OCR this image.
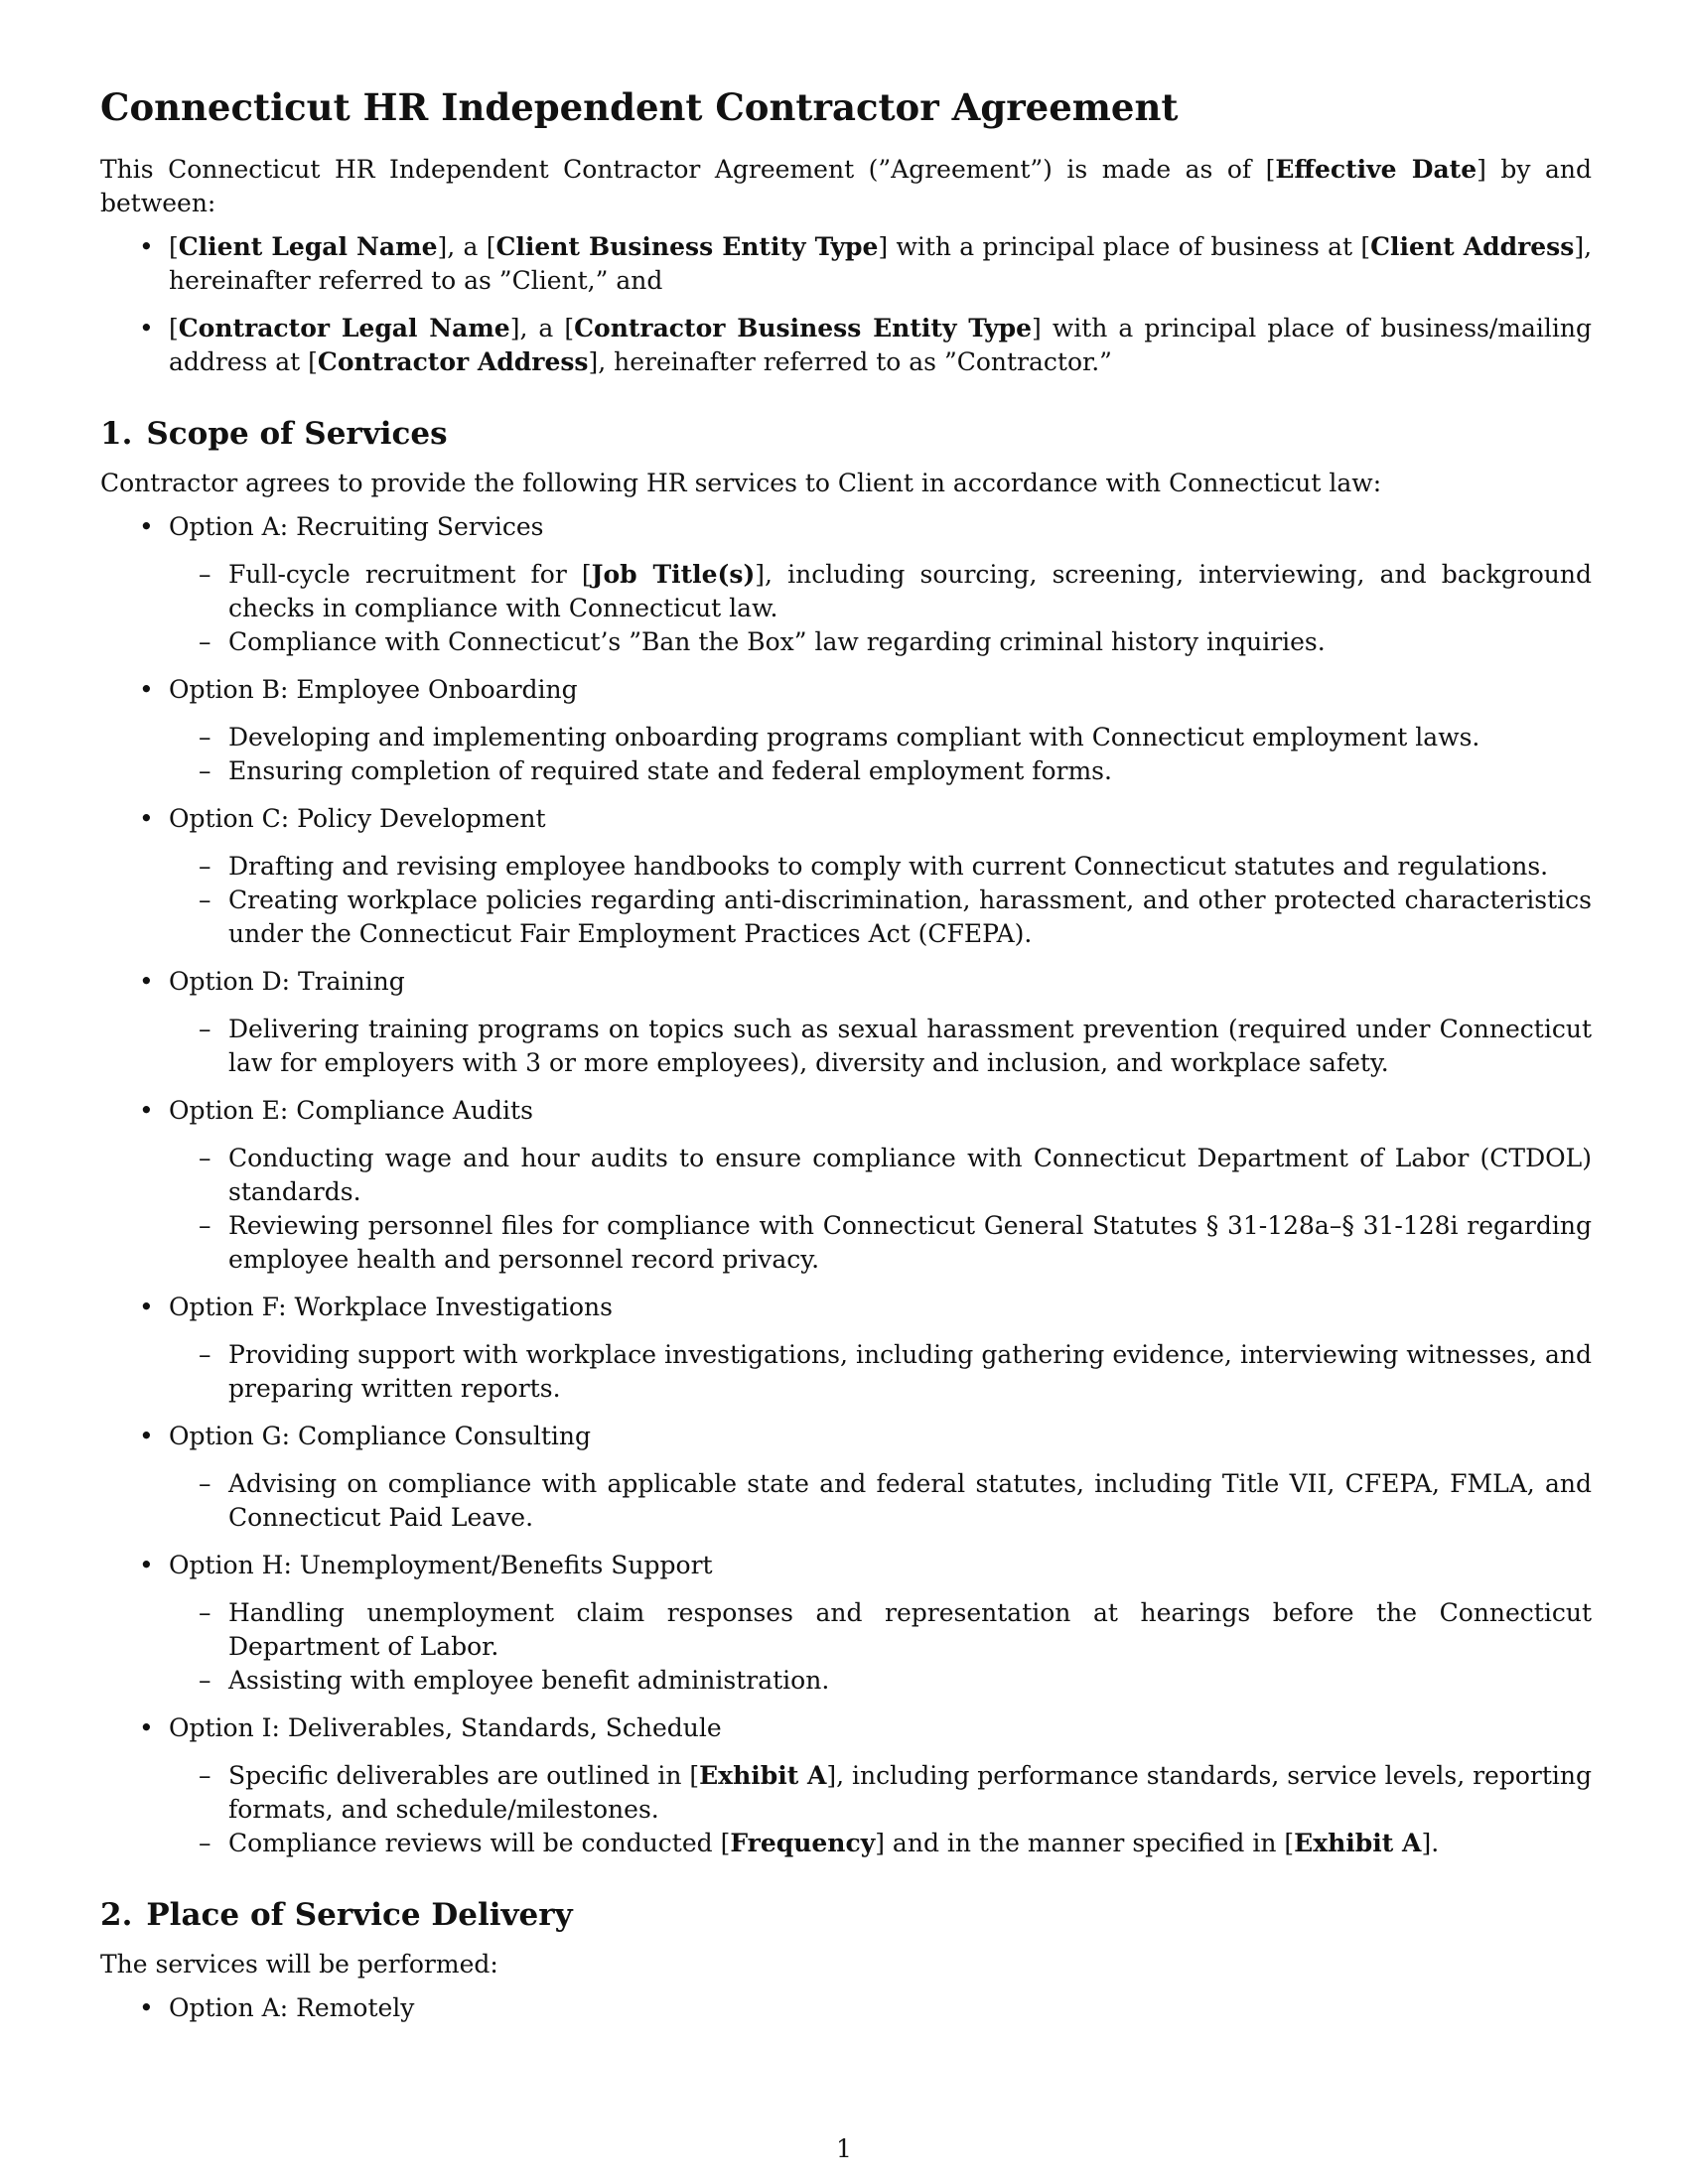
Connecticut HR Independent Contractor Agreement

This Connecticut HR Independent Contractor Agreement (”Agreement”) is made as of [Effective Date] by and between:

• [Client Legal Name], a [Client Business Entity Type] with a principal place of business at [Client Address], hereinafter referred to as ”Client,” and
• [Contractor Legal Name], a [Contractor Business Entity Type] with a principal place of business/mailing address at [Contractor Address], hereinafter referred to as ”Contractor.”
1. Scope of Services

Contractor agrees to provide the following HR services to Client in accordance with Connecticut law:

• Option A: Recruiting Services
– Full-cycle recruitment for [Job Title(s)], including sourcing, screening, interviewing, and background checks in compliance with Connecticut law.
– Compliance with Connecticut’s ”Ban the Box” law regarding criminal history inquiries.
• Option B: Employee Onboarding
– Developing and implementing onboarding programs compliant with Connecticut employment laws.
– Ensuring completion of required state and federal employment forms.
• Option C: Policy Development
– Drafting and revising employee handbooks to comply with current Connecticut statutes and regulations.
– Creating workplace policies regarding anti-discrimination, harassment, and other protected characteristics under the Connecticut Fair Employment Practices Act (CFEPA).
• Option D: Training
– Delivering training programs on topics such as sexual harassment prevention (required under Connecticut law for employers with 3 or more employees), diversity and inclusion, and workplace safety.
• Option E: Compliance Audits
– Conducting wage and hour audits to ensure compliance with Connecticut Department of Labor (CTDOL) standards.
– Reviewing personnel files for compliance with Connecticut General Statutes § 31-128a–§ 31-128i regarding employee health and personnel record privacy.
• Option F: Workplace Investigations
– Providing support with workplace investigations, including gathering evidence, interviewing witnesses, and preparing written reports.
• Option G: Compliance Consulting
– Advising on compliance with applicable state and federal statutes, including Title VII, CFEPA, FMLA, and Connecticut Paid Leave.
• Option H: Unemployment/Benefits Support
– Handling unemployment claim responses and representation at hearings before the Connecticut Department of Labor.
– Assisting with employee benefit administration.
• Option I: Deliverables, Standards, Schedule
– Specific deliverables are outlined in [Exhibit A], including performance standards, service levels, reporting formats, and schedule/milestones.
– Compliance reviews will be conducted [Frequency] and in the manner specified in [Exhibit A].
2. Place of Service Delivery

The services will be performed:

• Option A: Remotely
1
